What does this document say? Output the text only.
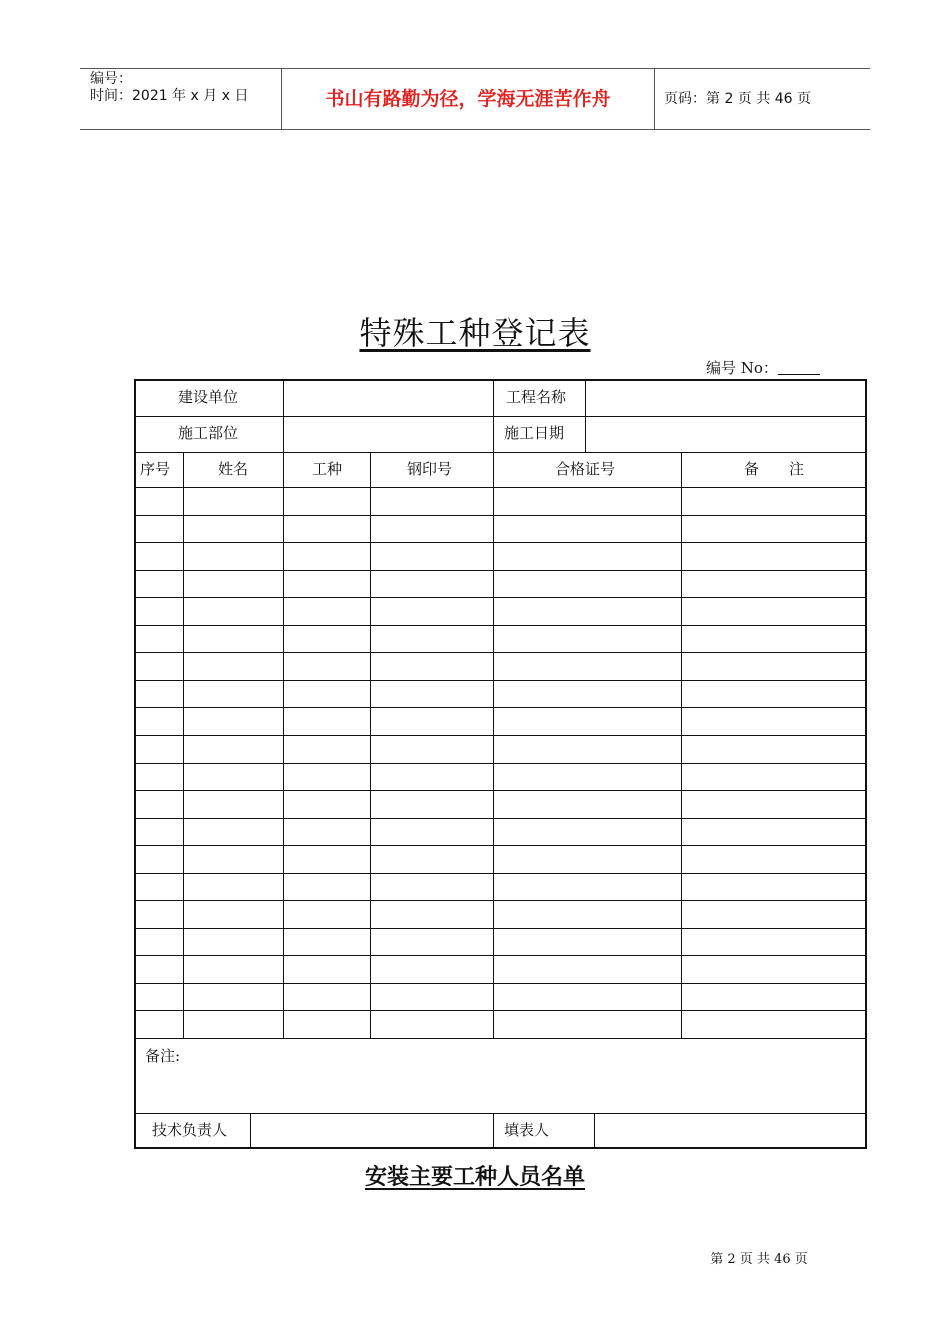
编号：
时间：2021 年 x 月 x 日	书山有路勤为径，学海无涯苦作舟	页码：第 2 页 共 46 页
特殊工种登记表
编号 No：
建设单位	工程名称
施工部位	施工日期
序号	姓名	工种	钢印号	合格证号	备　　注
备注:
技术负责人	填表人
安装主要工种人员名单
第 2 页 共 46 页
